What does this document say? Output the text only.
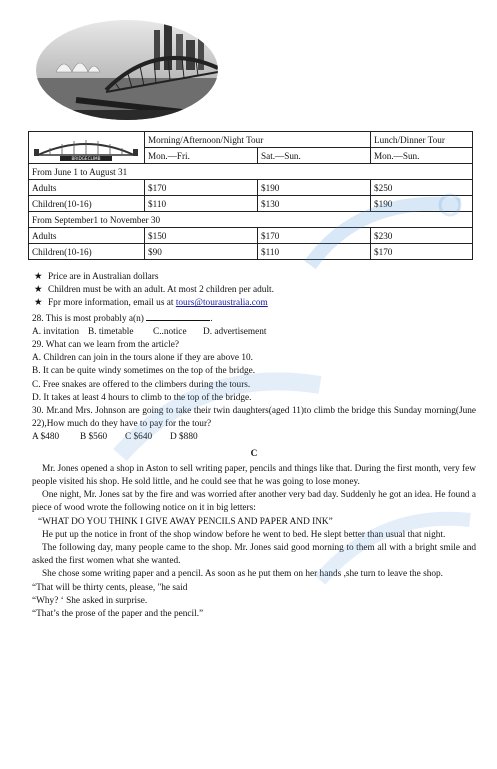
BRIDGECLIMB	Morning/Afternoon/Night Tour		Lunch/Dinner Tour
	Mon.—Fri.	Sat.—Sun.	Mon.—Sun.
From June 1 to August 31			
Adults	$170	$190	$250
Children(10-16)	$110	$130	$190
From September1 to November 30			
Adults	$150	$170	$230
Children(10-16)	$90	$110	$170

★ Price are in Australian dollars

★ Children must be with an adult. At most 2 children per adult.

★ Fpr more information, email us at tours@touraustralia.com

28. This is most probably a(n)	.

A. invitation B. timetable C..notice D. advertisement

29. What can we learn from the article?

A. Children can join in the tours alone if they are above 10.

B. It can be quite windy sometimes on the top of the bridge.

C. Free snakes are offered to the climbers during the tours.

D. It takes at least 4 hours to climb to the top of the bridge.

30. Mr.and Mrs. Johnson are going to take their twin daughters(aged 11)to climb the bridge this Sunday morning(June 22),How much do they have to pay for the tour?

A $480 B $560 C $640 D $880

C

Mr. Jones opened a shop in Aston to sell writing paper, pencils and things like that. During the first month, very few people visited his shop. He sold little, and he could see that he was going to lose money.

One night, Mr. Jones sat by the fire and was worried after another very bad day. Suddenly he got an idea. He found a piece of wood wrote the following notice on it in big letters:

“WHAT DO YOU THINK I GIVE AWAY PENCILS AND PAPER AND INK”

He put up the notice in front of the shop window before he went to bed. He slept better than usual that night.

The following day, many people came to the shop. Mr. Jones said good morning to them all with a bright smile and asked the first women what she wanted.

She chose some writing paper and a pencil. As soon as he put them on her hands ,she turn to leave the shop.

“That will be thirty cents, please, "he said

“Why? ‘ She asked in surprise.

“That’s the prose of the paper and the pencil.”
